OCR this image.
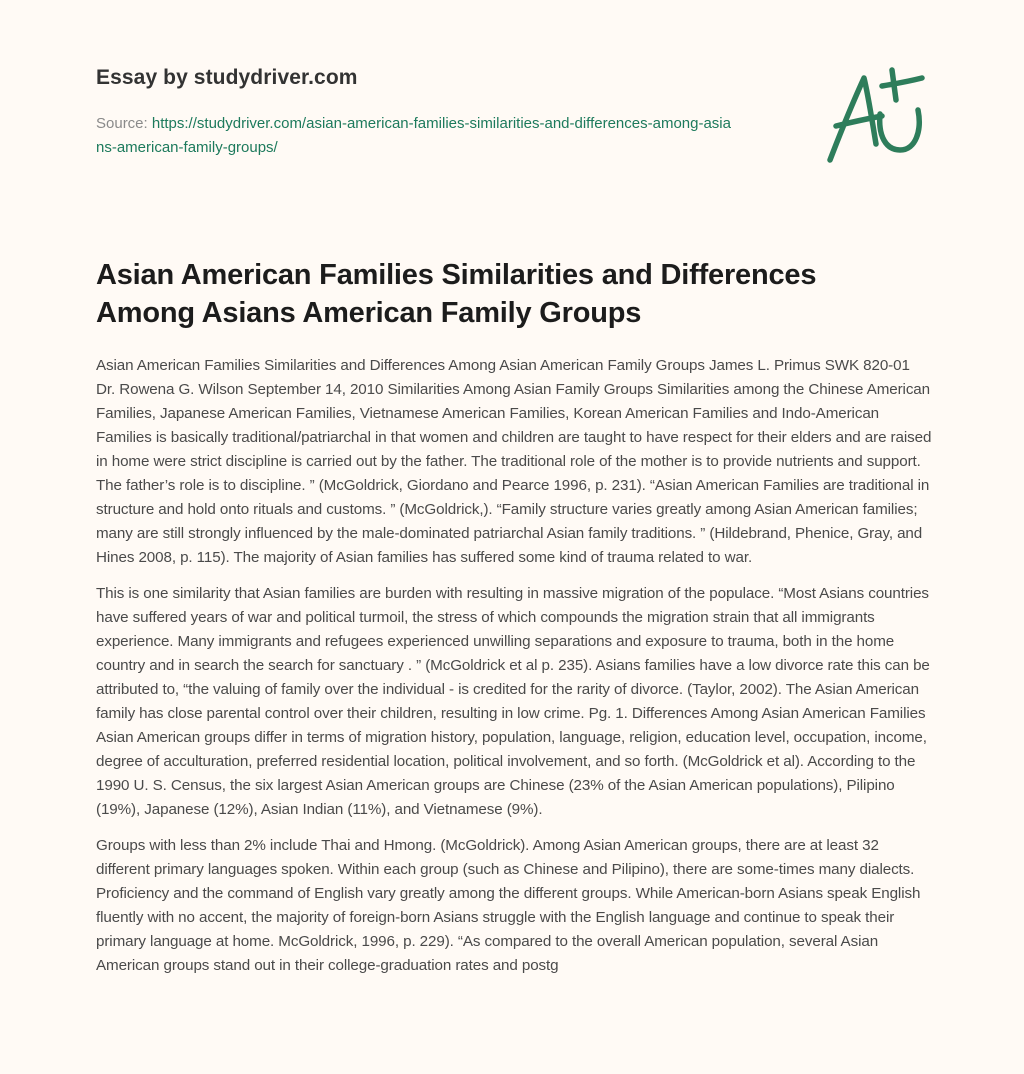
Essay by studydriver.com
Source: https://studydriver.com/asian-american-families-similarities-and-differences-among-asians-american-family-groups/
Asian American Families Similarities and Differences Among Asians American Family Groups

Asian American Families Similarities and Differences Among Asian American Family Groups James L. Primus SWK 820-01 Dr. Rowena G. Wilson September 14, 2010 Similarities Among Asian Family Groups Similarities among the Chinese American Families, Japanese American Families, Vietnamese American Families, Korean American Families and Indo-American Families is basically traditional/patriarchal in that women and children are taught to have respect for their elders and are raised in home were strict discipline is carried out by the father. The traditional role of the mother is to provide nutrients and support. The father’s role is to discipline. ” (McGoldrick, Giordano and Pearce 1996, p. 231). “Asian American Families are traditional in structure and hold onto rituals and customs. ” (McGoldrick,). “Family structure varies greatly among Asian American families; many are still strongly influenced by the male-dominated patriarchal Asian family traditions. ” (Hildebrand, Phenice, Gray, and Hines 2008, p. 115). The majority of Asian families has suffered some kind of trauma related to war.

This is one similarity that Asian families are burden with resulting in massive migration of the populace. “Most Asians countries have suffered years of war and political turmoil, the stress of which compounds the migration strain that all immigrants experience. Many immigrants and refugees experienced unwilling separations and exposure to trauma, both in the home country and in search the search for sanctuary . ” (McGoldrick et al p. 235). Asians families have a low divorce rate this can be attributed to, “the valuing of family over the individual - is credited for the rarity of divorce. (Taylor, 2002). The Asian American family has close parental control over their children, resulting in low crime. Pg. 1. Differences Among Asian American Families Asian American groups differ in terms of migration history, population, language, religion, education level, occupation, income, degree of acculturation, preferred residential location, political involvement, and so forth. (McGoldrick et al). According to the 1990 U. S. Census, the six largest Asian American groups are Chinese (23% of the Asian American populations), Pilipino (19%), Japanese (12%), Asian Indian (11%), and Vietnamese (9%).

Groups with less than 2% include Thai and Hmong. (McGoldrick). Among Asian American groups, there are at least 32 different primary languages spoken. Within each group (such as Chinese and Pilipino), there are some-times many dialects. Proficiency and the command of English vary greatly among the different groups. While American-born Asians speak English fluently with no accent, the majority of foreign-born Asians struggle with the English language and continue to speak their primary language at home. McGoldrick, 1996, p. 229). “As compared to the overall American population, several Asian American groups stand out in their college-graduation rates and postg
